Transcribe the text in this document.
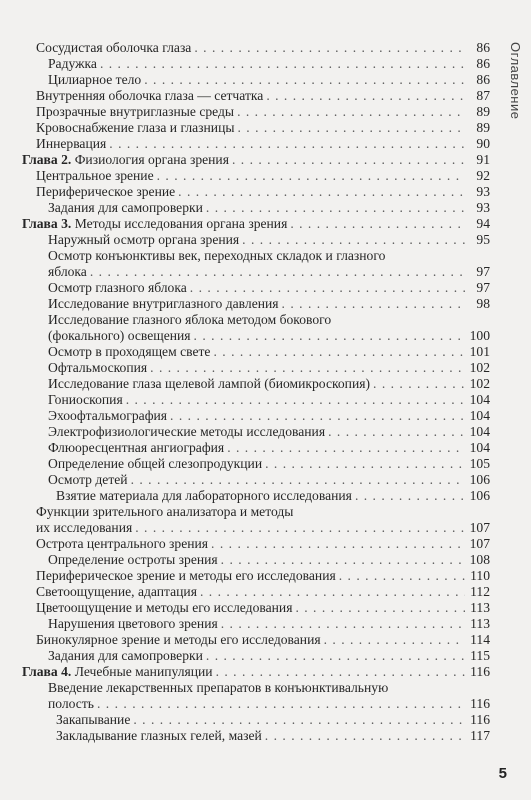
Сосудистая оболочка глаза . . .	86
Радужка . . .	86
Цилиарное тело . . .	86
Внутренняя оболочка глаза — сетчатка . . .	87
Прозрачные внутриглазные среды . . .	89
Кровоснабжение глаза и глазницы . . .	89
Иннервация . . .	90
Глава 2. Физиология органа зрения . . .	91
Центральное зрение . . .	92
Периферическое зрение . . .	93
Задания для самопроверки . . .	93
Глава 3. Методы исследования органа зрения . . .	94
Наружный осмотр органа зрения . . .	95
Осмотр конъюнктивы век, переходных складок и глазного
яблока . . .	97
Осмотр глазного яблока . . .	97
Исследование внутриглазного давления . . .	98
Исследование глазного яблока методом бокового
(фокального) освещения . . .	100
Осмотр в проходящем свете . . .	101
Офтальмоскопия . . .	102
Исследование глаза щелевой лампой (биомикроскопия) . . .	102
Гониоскопия . . .	104
Эхоофтальмография . . .	104
Электрофизиологические методы исследования . . .	104
Флюоресцентная ангиография . . .	104
Определение общей слезопродукции . . .	105
Осмотр детей . . .	106
Взятие материала для лабораторного исследования . . .	106
Функции зрительного анализатора и методы
их исследования . . .	107
Острота центрального зрения . . .	107
Определение остроты зрения . . .	108
Периферическое зрение и методы его исследования . . .	110
Светоощущение, адаптация . . .	112
Цветоощущение и методы его исследования . . .	113
Нарушения цветового зрения . . .	113
Бинокулярное зрение и методы его исследования . . .	114
Задания для самопроверки . . .	115
Глава 4. Лечебные манипуляции . . .	116
Введение лекарственных препаратов в конъюнктивальную
полость . . .	116
Закапывание . . .	116
Закладывание глазных гелей, мазей . . .	117
Оглавление
5
